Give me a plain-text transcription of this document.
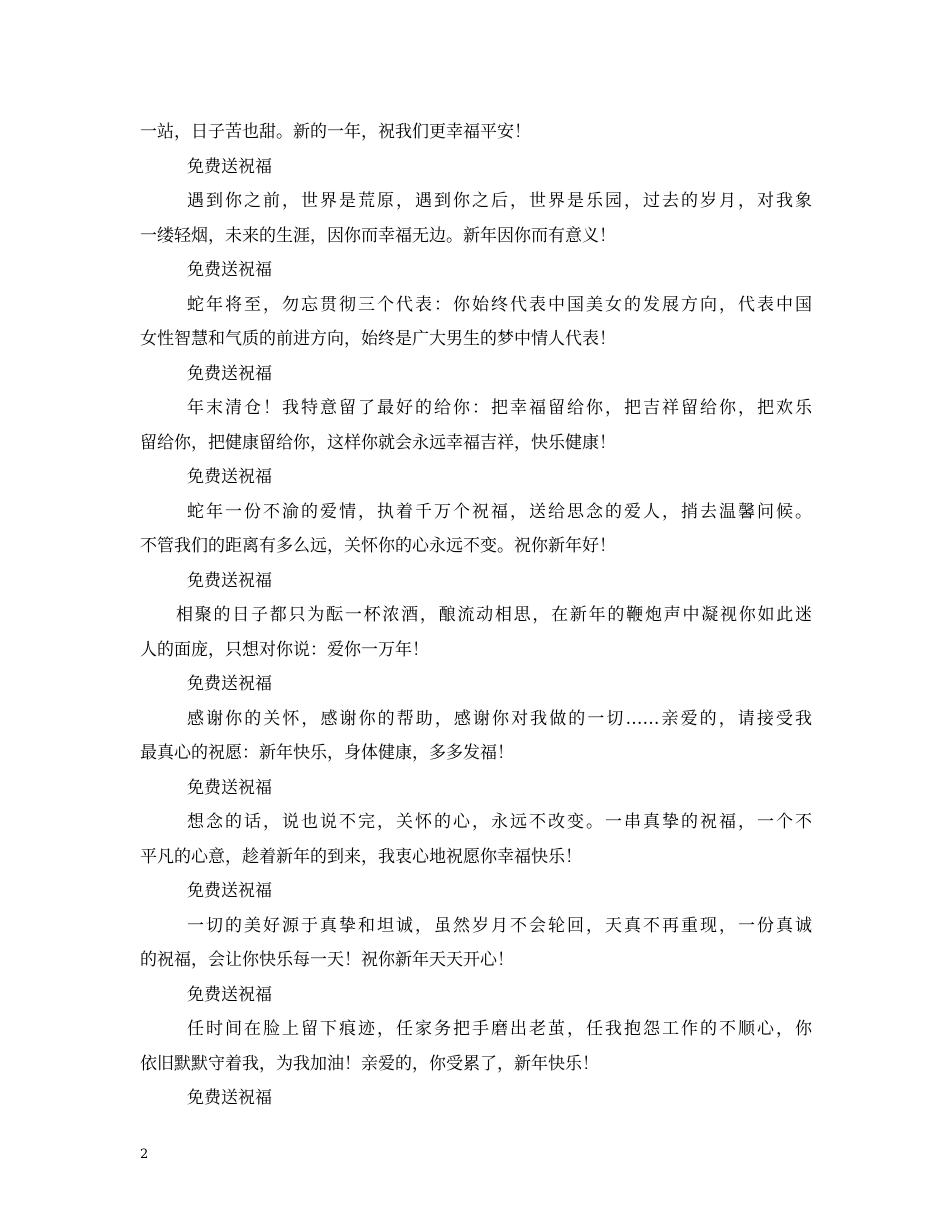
一站，日子苦也甜。新的一年，祝我们更幸福平安！
免费送祝福
遇到你之前，世界是荒原，遇到你之后，世界是乐园，过去的岁月，对我象
一缕轻烟，未来的生涯，因你而幸福无边。新年因你而有意义！
免费送祝福
蛇年将至，勿忘贯彻三个代表：你始终代表中国美女的发展方向，代表中国
女性智慧和气质的前进方向，始终是广大男生的梦中情人代表！
免费送祝福
年末清仓！我特意留了最好的给你：把幸福留给你，把吉祥留给你，把欢乐
留给你，把健康留给你，这样你就会永远幸福吉祥，快乐健康！
免费送祝福
蛇年一份不渝的爱情，执着千万个祝福，送给思念的爱人，捎去温馨问候。
不管我们的距离有多么远，关怀你的心永远不变。祝你新年好！
免费送祝福
相聚的日子都只为酝一杯浓酒，酿流动相思，在新年的鞭炮声中凝视你如此迷
人的面庞，只想对你说：爱你一万年！
免费送祝福
感谢你的关怀，感谢你的帮助，感谢你对我做的一切……亲爱的，请接受我
最真心的祝愿：新年快乐，身体健康，多多发福！
免费送祝福
想念的话，说也说不完，关怀的心，永远不改变。一串真挚的祝福，一个不
平凡的心意，趁着新年的到来，我衷心地祝愿你幸福快乐！
免费送祝福
一切的美好源于真挚和坦诚，虽然岁月不会轮回，天真不再重现，一份真诚
的祝福，会让你快乐每一天！祝你新年天天开心！
免费送祝福
任时间在脸上留下痕迹，任家务把手磨出老茧，任我抱怨工作的不顺心，你
依旧默默守着我，为我加油！亲爱的，你受累了，新年快乐！
免费送祝福
2
